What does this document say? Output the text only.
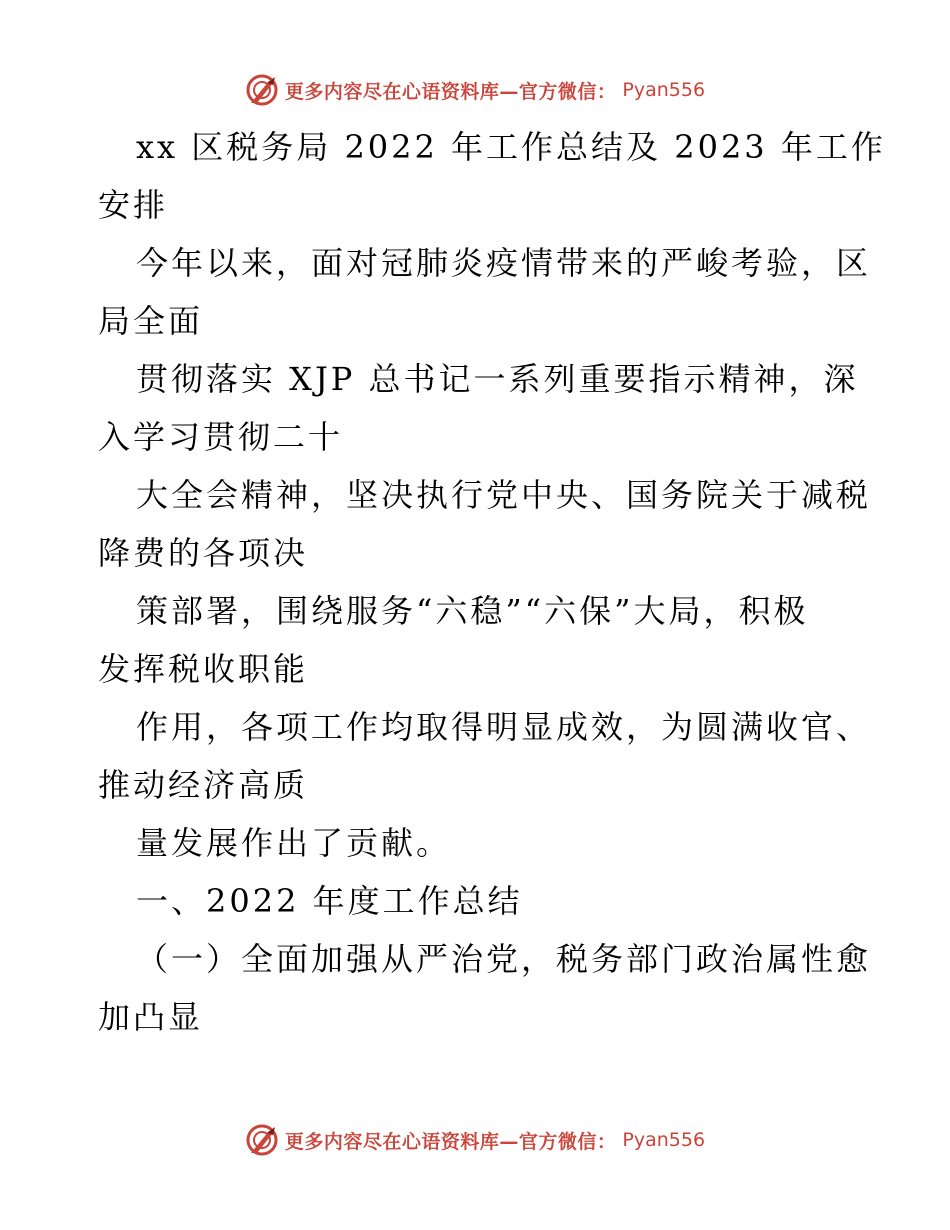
更多内容尽在心语资料库—官方微信： Pyan556
xx 区税务局 2022 年工作总结及 2023 年工作
安排
今年以来，面对冠肺炎疫情带来的严峻考验，区
局全面
贯彻落实 XJP 总书记一系列重要指示精神，深
入学习贯彻二十
大全会精神，坚决执行党中央、国务院关于减税
降费的各项决
策部署，围绕服务“六稳”“六保”大局，积极
发挥税收职能
作用，各项工作均取得明显成效，为圆满收官、
推动经济高质
量发展作出了贡献。
一、2022 年度工作总结
（一）全面加强从严治党，税务部门政治属性愈
加凸显
更多内容尽在心语资料库—官方微信： Pyan556
